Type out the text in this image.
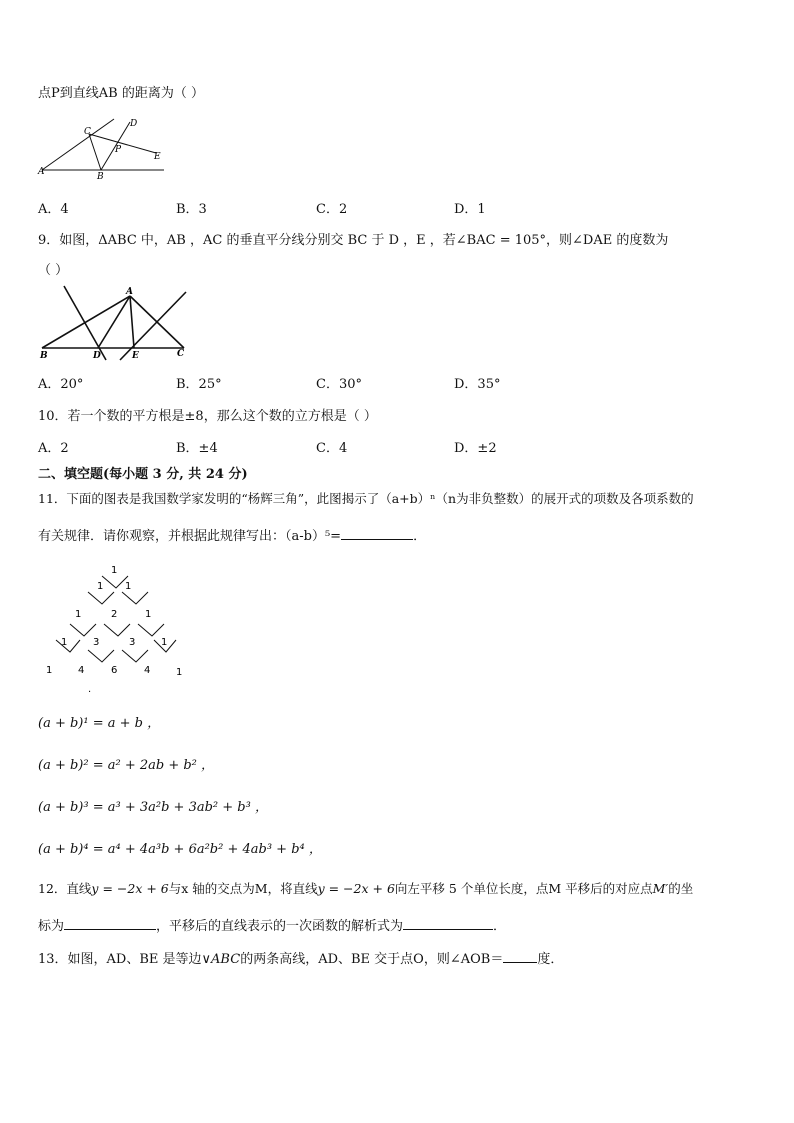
点P到直线AB 的距离为（ ）
C
D
P
E
A	B
A．4	B．3	C．2	D．1
9．如图，ΔABC 中，AB ，AC 的垂直平分线分别交 BC 于 D ，E ，若∠BAC = 105°，则∠DAE 的度数为
（ ）
A
B	D	E	C
A．20°	B．25°	C．30°	D．35°
10．若一个数的平方根是±8，那么这个数的立方根是（ ）
A．2	B．±4	C．4	D．±2
二、填空题(每小题 3 分, 共 24 分)
11．下面的图表是我国数学家发明的“杨辉三角”，此图揭示了（a+b）ⁿ（n为非负整数）的展开式的项数及各项系数的
有关规律．请你观察，并根据此规律写出：（a-b）⁵=	．
1
1 1
1	2	1
1	3	3	1
1	4	6	4	1
.
(a + b)¹ = a + b ，
(a + b)² = a² + 2ab + b² ，
(a + b)³ = a³ + 3a²b + 3ab² + b³ ，
(a + b)⁴ = a⁴ + 4a³b + 6a²b² + 4ab³ + b⁴ ，
12．直线y = −2x + 6与x 轴的交点为M，将直线y = −2x + 6向左平移 5 个单位长度，点M 平移后的对应点M′的坐
标为	，平移后的直线表示的一次函数的解析式为	．
13．如图，AD、BE 是等边∨ABC的两条高线，AD、BE 交于点O，则∠AOB＝	度．
